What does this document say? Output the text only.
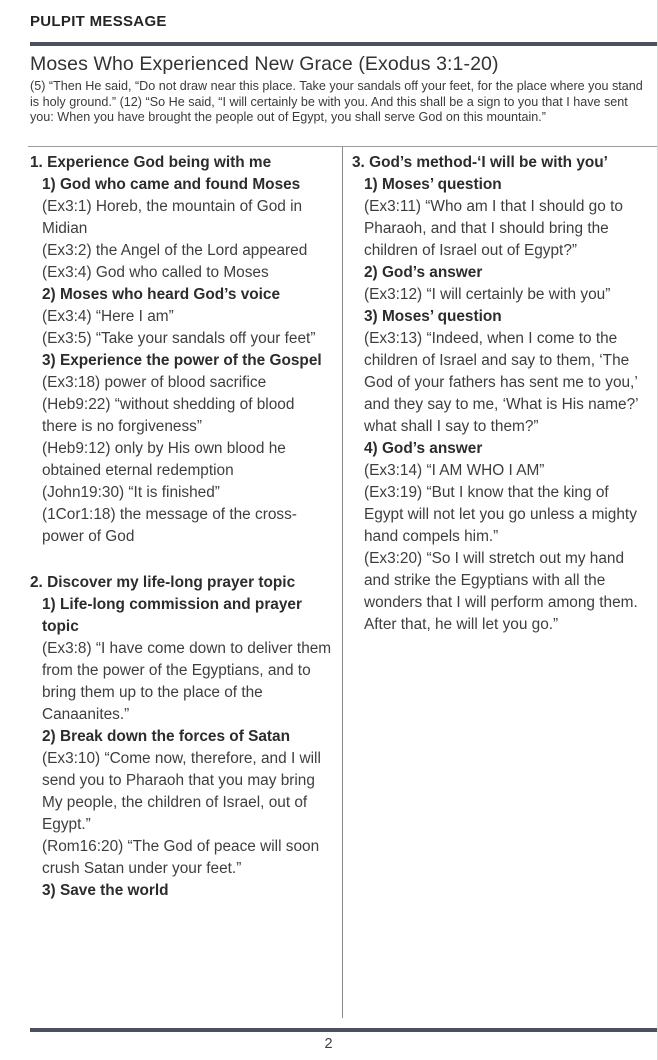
PULPIT MESSAGE
Moses Who Experienced New Grace (Exodus 3:1-20)
(5) “Then He said, “Do not draw near this place. Take your sandals off your feet, for the place where you stand is holy ground.” (12) “So He said, “I will certainly be with you. And this shall be a sign to you that I have sent you: When you have brought the people out of Egypt, you shall serve God on this mountain.”
1. Experience God being with me
1) God who came and found Moses
(Ex3:1) Horeb, the mountain of God in Midian
(Ex3:2) the Angel of the Lord appeared
(Ex3:4) God who called to Moses
2) Moses who heard God’s voice
(Ex3:4) “Here I am”
(Ex3:5) “Take your sandals off your feet”
3) Experience the power of the Gospel
(Ex3:18) power of blood sacrifice
(Heb9:22) “without shedding of blood there is no forgiveness”
(Heb9:12) only by His own blood he obtained eternal redemption
(John19:30) “It is finished”
(1Cor1:18) the message of the cross-power of God
2. Discover my life-long prayer topic
1) Life-long commission and prayer topic
(Ex3:8) “I have come down to deliver them from the power of the Egyptians, and to bring them up to the place of the Canaanites.”
2) Break down the forces of Satan
(Ex3:10) “Come now, therefore, and I will send you to Pharaoh that you may bring My people, the children of Israel, out of Egypt.”
(Rom16:20) “The God of peace will soon crush Satan under your feet.”
3) Save the world
3. God’s method-‘I will be with you’
1) Moses’ question
(Ex3:11) “Who am I that I should go to Pharaoh, and that I should bring the children of Israel out of Egypt?”
2) God’s answer
(Ex3:12) “I will certainly be with you”
3) Moses’ question
(Ex3:13) “Indeed, when I come to the children of Israel and say to them, ‘The God of your fathers has sent me to you,’ and they say to me, ‘What is His name?’ what shall I say to them?”
4) God’s answer
(Ex3:14) “I AM WHO I AM”
(Ex3:19) “But I know that the king of Egypt will not let you go unless a mighty hand compels him.”
(Ex3:20) “So I will stretch out my hand and strike the Egyptians with all the wonders that I will perform among them. After that, he will let you go.”
2
